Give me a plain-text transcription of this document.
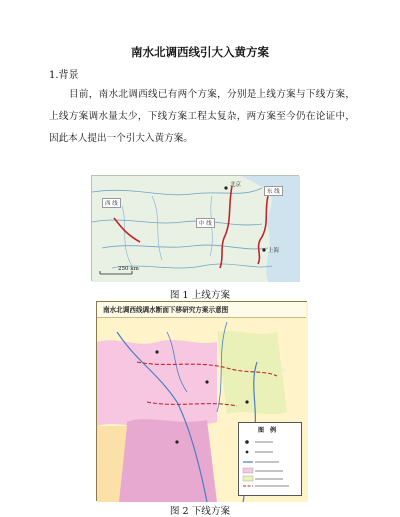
南水北调西线引大入黄方案
1.背景
目前，南水北调西线已有两个方案，分别是上线方案与下线方案，上线方案调水量太少，下线方案工程太复杂，两方案至今仍在论证中，因此本人提出一个引大入黄方案。
西 线
中 线
东 线
北京
上海
250 km
图 1 上线方案
南水北调西线调水断面下移研究方案示意图
图例
图 2 下线方案
